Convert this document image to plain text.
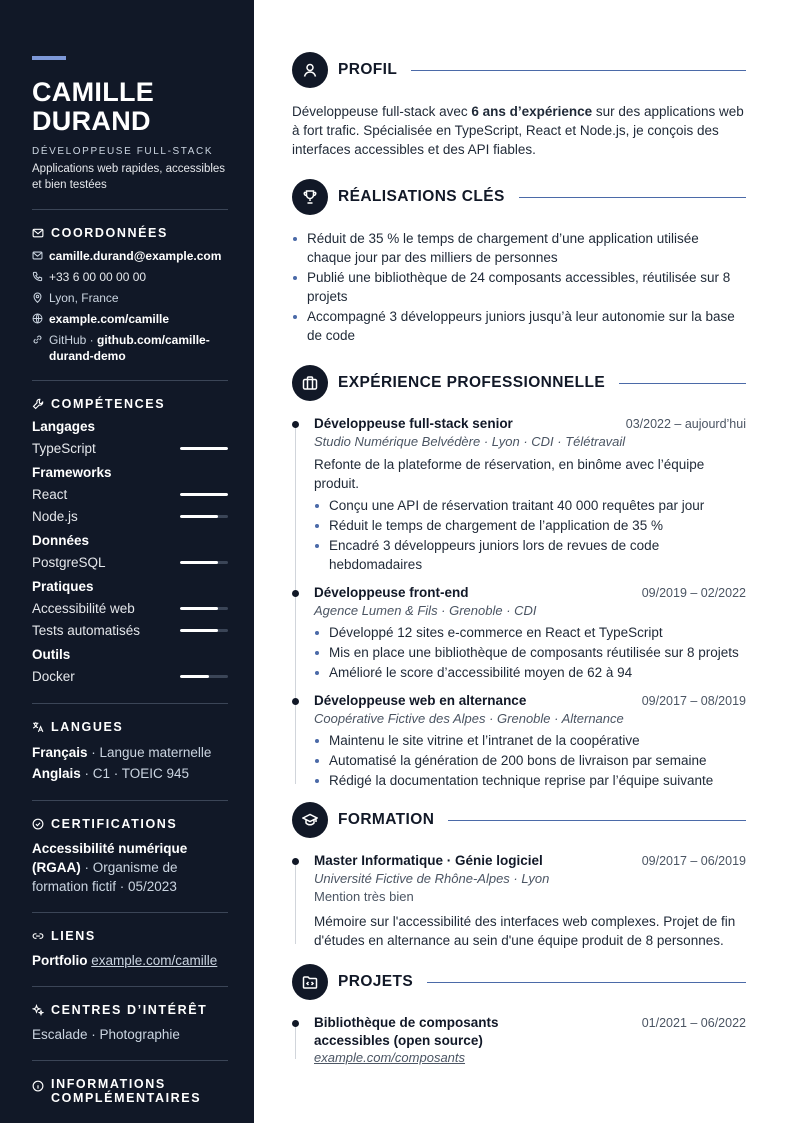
CAMILLE
DURAND
DÉVELOPPEUSE FULL-STACK
Applications web rapides, accessibles et bien testées
COORDONNÉES
camille.durand@example.com
+33 6 00 00 00 00
Lyon, France
example.com/camille
GitHub · github.com/camille-durand-demo
COMPÉTENCES
Langages
TypeScript
Frameworks
React
Node.js
Données
PostgreSQL
Pratiques
Accessibilité web
Tests automatisés
Outils
Docker
LANGUES
Français · Langue maternelle
Anglais · C1 · TOEIC 945
CERTIFICATIONS
Accessibilité numérique (RGAA) · Organisme de formation fictif · 05/2023
LIENS
Portfolio example.com/camille
CENTRES D’INTÉRÊT
Escalade · Photographie
INFORMATIONS
COMPLÉMENTAIRES
PROFIL

Développeuse full-stack avec 6 ans d’expérience sur des applications web à fort trafic. Spécialisée en TypeScript, React et Node.js, je conçois des interfaces accessibles et des API fiables.

RÉALISATIONS CLÉS
Réduit de 35 % le temps de chargement d’une application utilisée chaque jour par des milliers de personnes
Publié une bibliothèque de 24 composants accessibles, réutilisée sur 8 projets
Accompagné 3 développeurs juniors jusqu’à leur autonomie sur la base de code
EXPÉRIENCE PROFESSIONNELLE
Développeuse full-stack senior	03/2022 – aujourd’hui
Studio Numérique Belvédère · Lyon · CDI · Télétravail
Refonte de la plateforme de réservation, en binôme avec l’équipe produit.
Conçu une API de réservation traitant 40 000 requêtes par jour
Réduit le temps de chargement de l’application de 35 %
Encadré 3 développeurs juniors lors de revues de code hebdomadaires
Développeuse front-end	09/2019 – 02/2022
Agence Lumen & Fils · Grenoble · CDI
Développé 12 sites e-commerce en React et TypeScript
Mis en place une bibliothèque de composants réutilisée sur 8 projets
Amélioré le score d’accessibilité moyen de 62 à 94
Développeuse web en alternance	09/2017 – 08/2019
Coopérative Fictive des Alpes · Grenoble · Alternance
Maintenu le site vitrine et l’intranet de la coopérative
Automatisé la génération de 200 bons de livraison par semaine
Rédigé la documentation technique reprise par l’équipe suivante
FORMATION
Master Informatique · Génie logiciel	09/2017 – 06/2019
Université Fictive de Rhône-Alpes · Lyon
Mention très bien
Mémoire sur l'accessibilité des interfaces web complexes. Projet de fin d'études en alternance au sein d'une équipe produit de 8 personnes.
PROJETS
Bibliothèque de composants accessibles (open source)
01/2021 – 06/2022
example.com/composants
